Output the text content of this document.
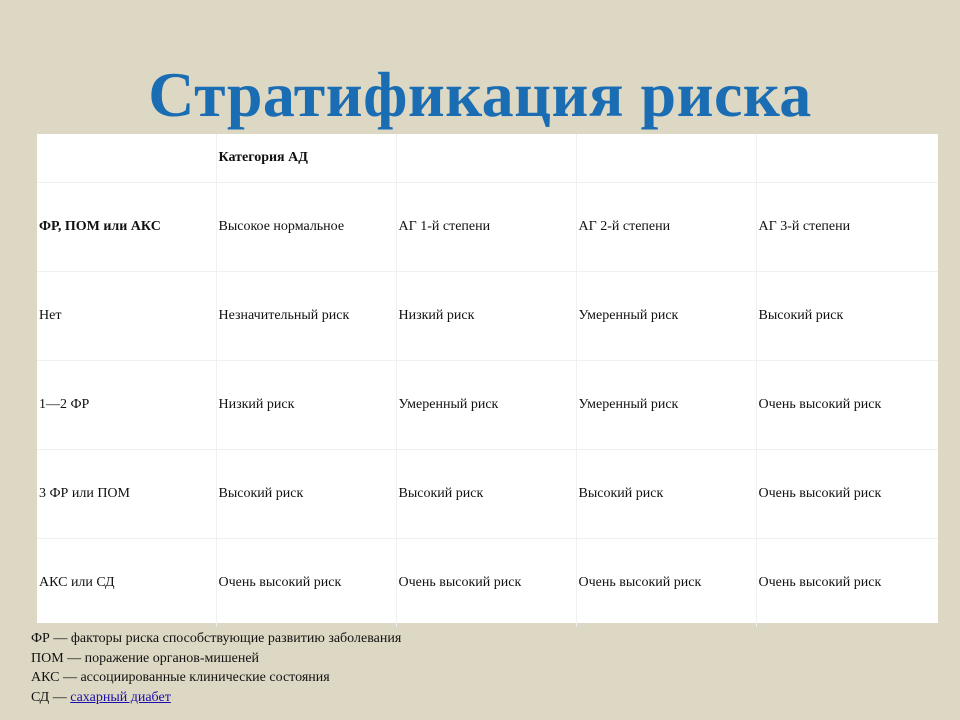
Стратификация риска
	Категория АД			
ФР, ПОМ или АКС	Высокое нормальное	АГ 1-й степени	АГ 2-й степени	АГ 3-й степени
Нет	Незначительный риск	Низкий риск	Умеренный риск	Высокий риск
1—2 ФР	Низкий риск	Умеренный риск	Умеренный риск	Очень высокий риск
3 ФР или ПОМ	Высокий риск	Высокий риск	Высокий риск	Очень высокий риск
АКС или СД	Очень высокий риск	Очень высокий риск	Очень высокий риск	Очень высокий риск
ФР — факторы риска способствующие развитию заболевания
ПОМ — поражение органов-мишеней
АКС — ассоциированные клинические состояния
СД — сахарный диабет
